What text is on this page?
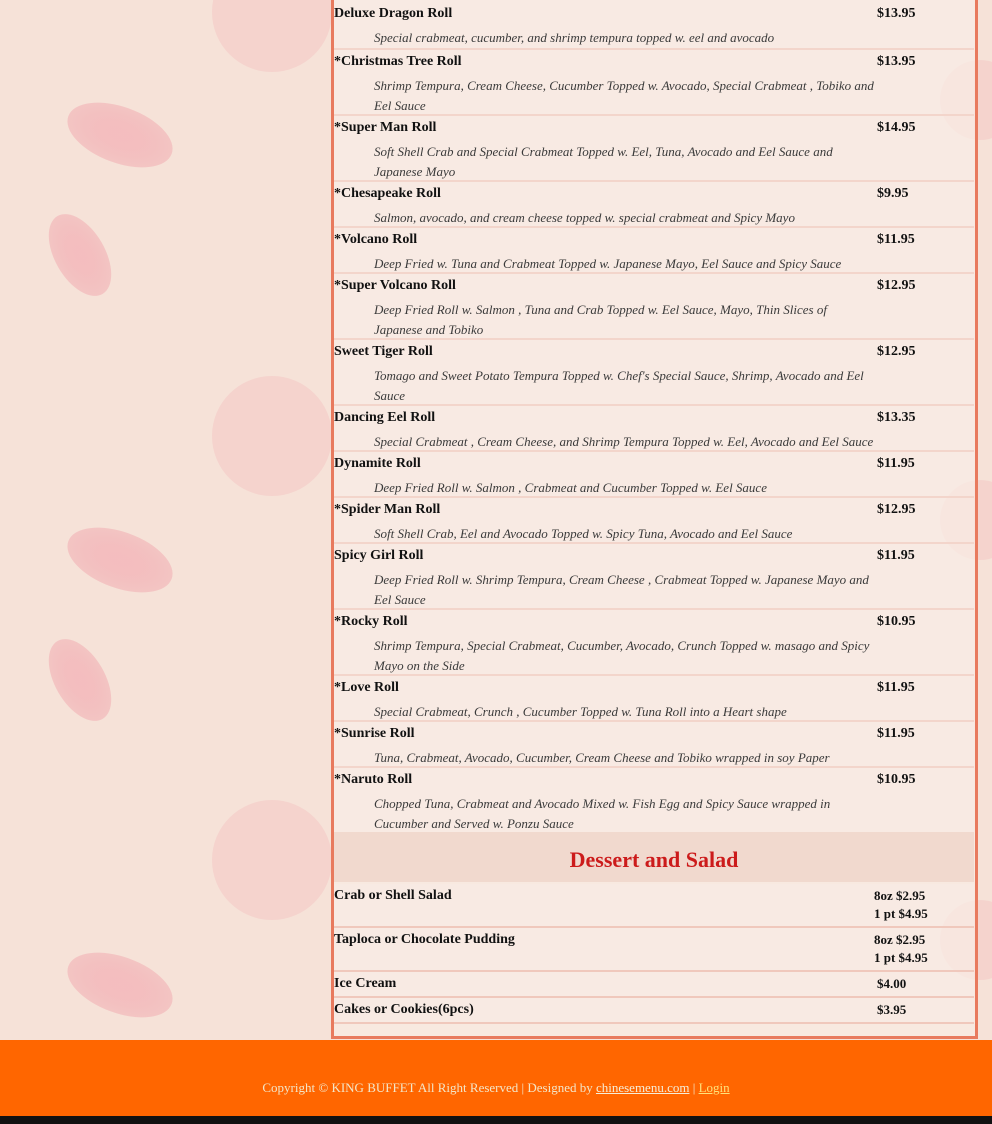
Deluxe Dragon Roll	$13.95
Special crabmeat, cucumber, and shrimp tempura topped w. eel and avocado
*Christmas Tree Roll	$13.95
Shrimp Tempura, Cream Cheese, Cucumber Topped w. Avocado, Special Crabmeat , Tobiko and Eel Sauce
*Super Man Roll	$14.95
Soft Shell Crab and Special Crabmeat Topped w. Eel, Tuna, Avocado and Eel Sauce and Japanese Mayo
*Chesapeake Roll	$9.95
Salmon, avocado, and cream cheese topped w. special crabmeat and Spicy Mayo
*Volcano Roll	$11.95
Deep Fried w. Tuna and Crabmeat Topped w. Japanese Mayo, Eel Sauce and Spicy Sauce
*Super Volcano Roll	$12.95
Deep Fried Roll w. Salmon , Tuna and Crab Topped w. Eel Sauce, Mayo, Thin Slices of Japanese and Tobiko
Sweet Tiger Roll	$12.95
Tomago and Sweet Potato Tempura Topped w. Chef's Special Sauce, Shrimp, Avocado and Eel Sauce
Dancing Eel Roll	$13.35
Special Crabmeat , Cream Cheese, and Shrimp Tempura Topped w. Eel, Avocado and Eel Sauce
Dynamite Roll	$11.95
Deep Fried Roll w. Salmon , Crabmeat and Cucumber Topped w. Eel Sauce
*Spider Man Roll	$12.95
Soft Shell Crab, Eel and Avocado Topped w. Spicy Tuna, Avocado and Eel Sauce
Spicy Girl Roll	$11.95
Deep Fried Roll w. Shrimp Tempura, Cream Cheese , Crabmeat Topped w. Japanese Mayo and Eel Sauce
*Rocky Roll	$10.95
Shrimp Tempura, Special Crabmeat, Cucumber, Avocado, Crunch Topped w. masago and Spicy Mayo on the Side
*Love Roll	$11.95
Special Crabmeat, Crunch , Cucumber Topped w. Tuna Roll into a Heart shape
*Sunrise Roll	$11.95
Tuna, Crabmeat, Avocado, Cucumber, Cream Cheese and Tobiko wrapped in soy Paper
*Naruto Roll	$10.95
Chopped Tuna, Crabmeat and Avocado Mixed w. Fish Egg and Spicy Sauce wrapped in Cucumber and Served w. Ponzu Sauce
Dessert and Salad
Crab or Shell Salad	8oz $2.95
1 pt $4.95
Taploca or Chocolate Pudding	8oz $2.95
1 pt $4.95
Ice Cream	$4.00
Cakes or Cookies(6pcs)	$3.95
Copyright © KING BUFFET All Right Reserved | Designed by chinesemenu.com | Login
